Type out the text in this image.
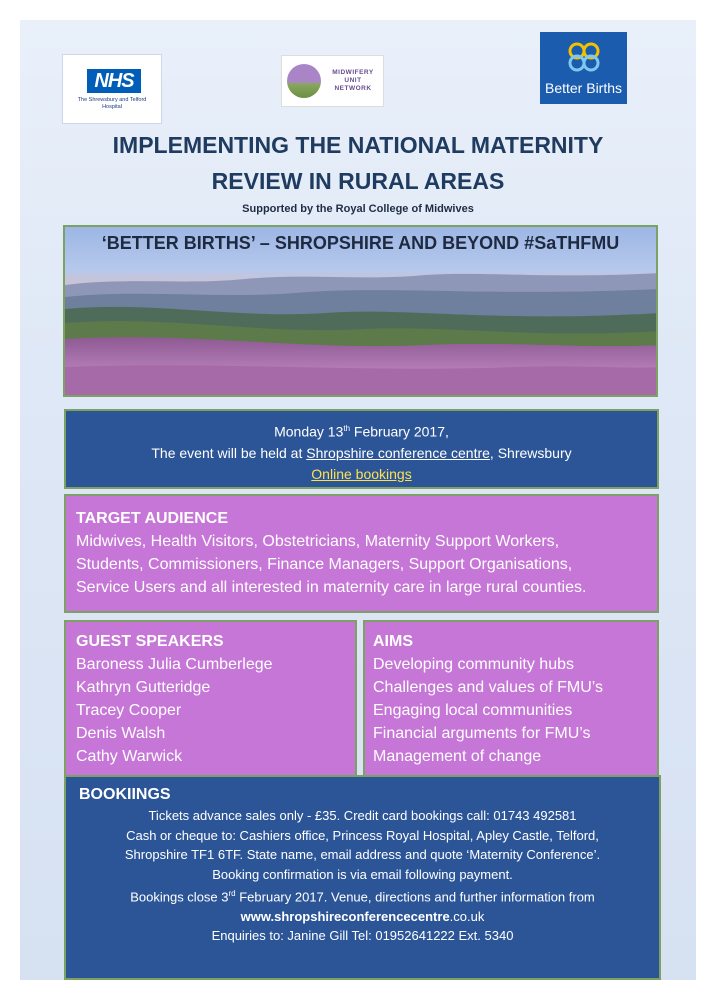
NHS
The Shrewsbury and Telford Hospital
MIDWIFERY
UNIT
NETWORK	Better Births
IMPLEMENTING THE NATIONAL MATERNITY
REVIEW IN RURAL AREAS
Supported by the Royal College of Midwives
‘BETTER BIRTHS’ – SHROPSHIRE AND BEYOND #SaTHFMU
Monday 13th February 2017,
The event will be held at Shropshire conference centre, Shrewsbury
Online bookings
TARGET AUDIENCE
Midwives, Health Visitors, Obstetricians, Maternity Support Workers,
Students, Commissioners, Finance Managers, Support Organisations,
Service Users and all interested in maternity care in large rural counties.
GUEST SPEAKERS
Baroness Julia Cumberlege
Kathryn Gutteridge
Tracey Cooper
Denis Walsh
Cathy Warwick
AIMS
Developing community hubs
Challenges and values of FMU’s
Engaging local communities
Financial arguments for FMU’s
Management of change
BOOKIINGS
Tickets advance sales only - £35. Credit card bookings call: 01743 492581
Cash or cheque to: Cashiers office, Princess Royal Hospital, Apley Castle, Telford,
Shropshire TF1 6TF. State name, email address and quote ‘Maternity Conference’.
Booking confirmation is via email following payment.
Bookings close 3rd February 2017. Venue, directions and further information from
www.shropshireconferencecentre.co.uk
Enquiries to: Janine Gill Tel: 01952641222 Ext. 5340
